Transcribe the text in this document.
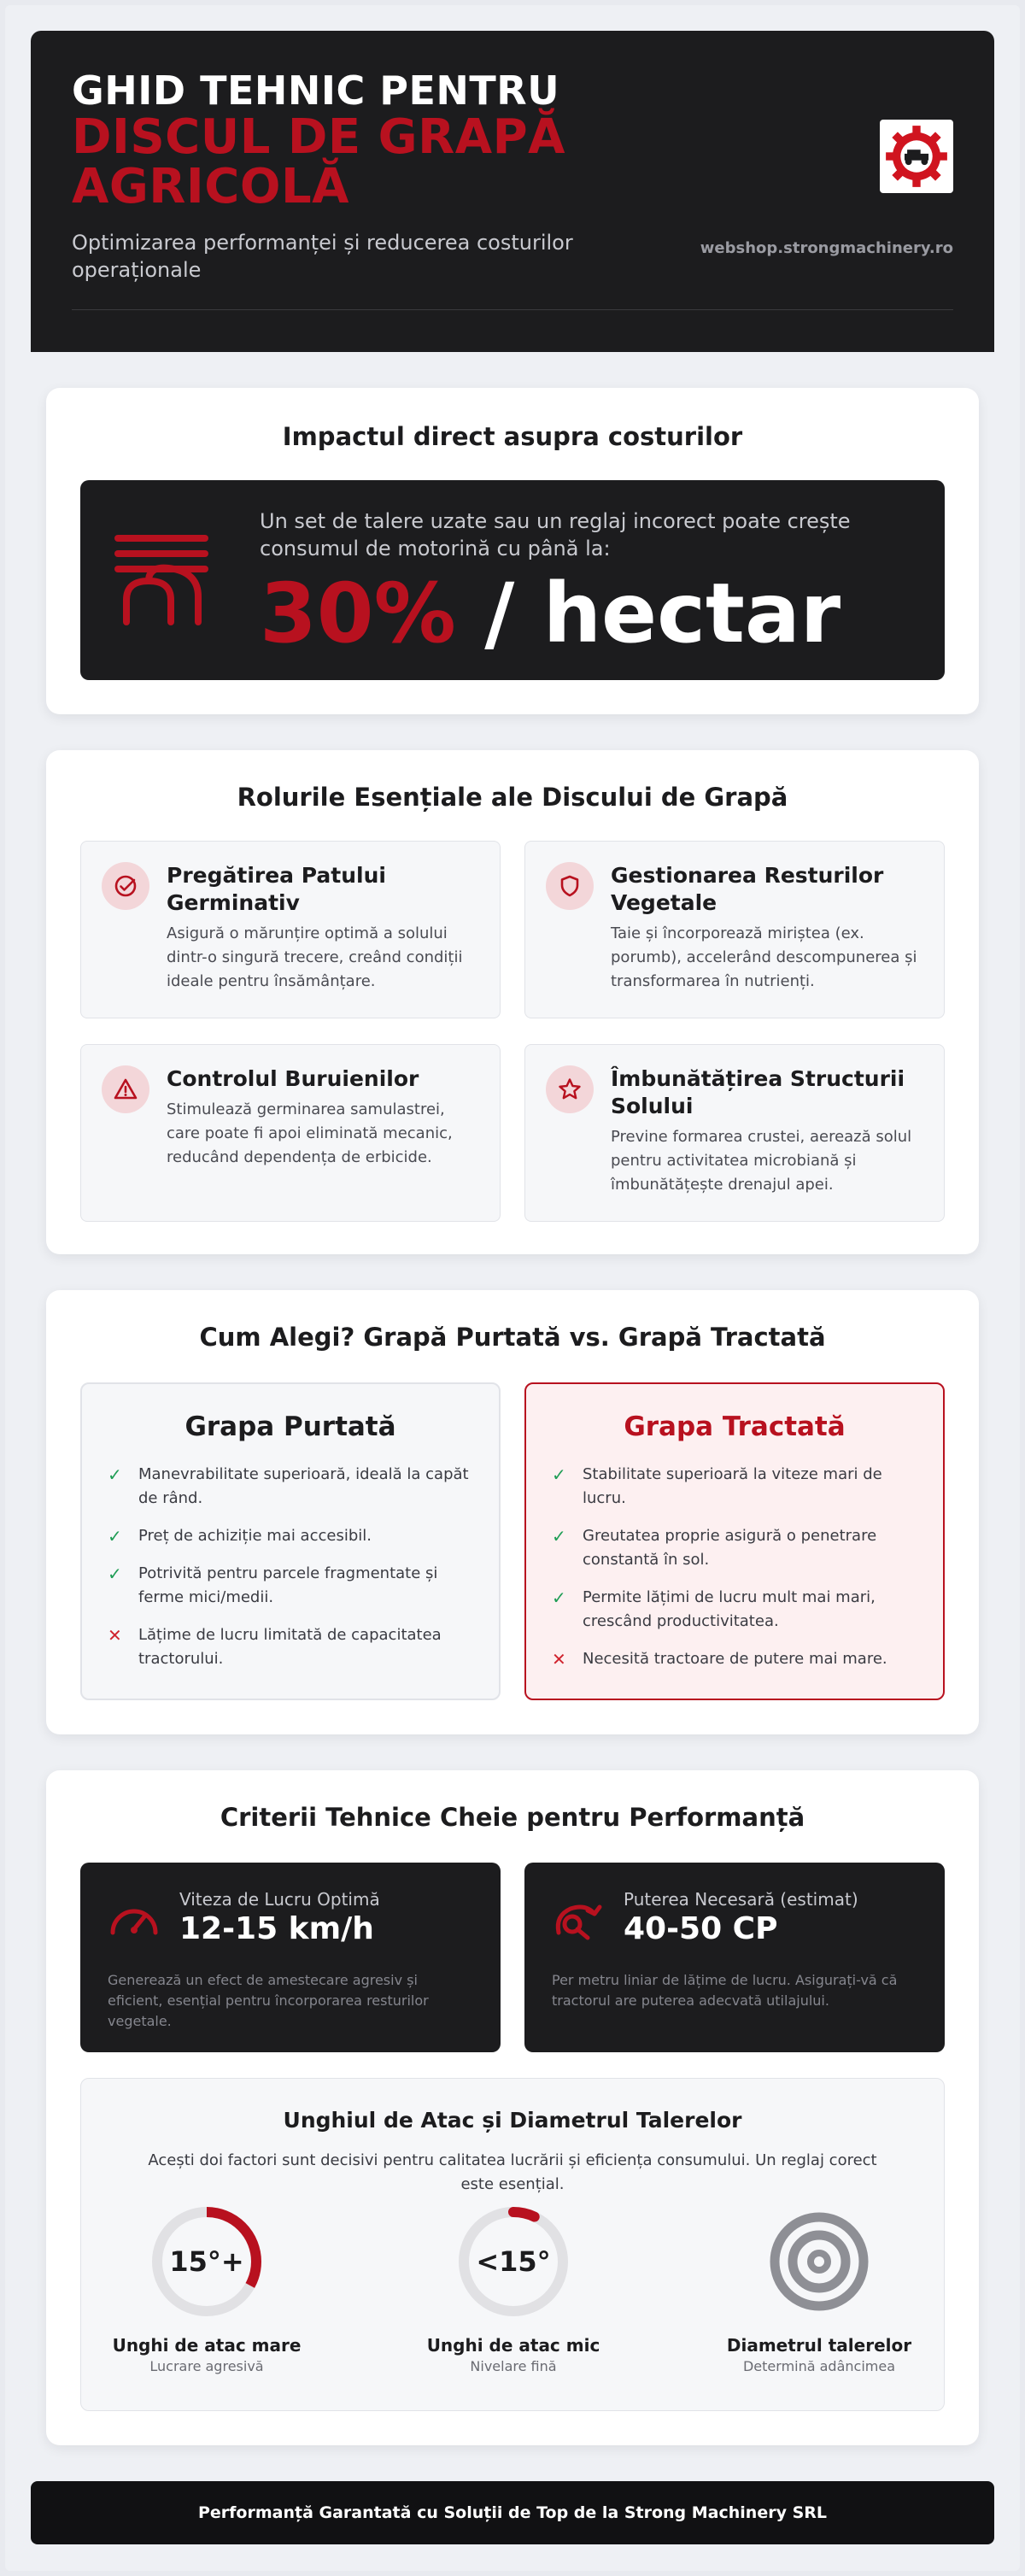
GHID TEHNIC PENTRU
DISCUL DE GRAPĂ AGRICOLĂ

Optimizarea performanței și reducerea costurilor operaționale

webshop.strongmachinery.ro
Impactul direct asupra costurilor

Un set de talere uzate sau un reglaj incorect poate crește consumul de motorină cu până la:

30% / hectar
Rolurile Esențiale ale Discului de Grapă
Pregătirea Patului Germinativ
Asigură o mărunțire optimă a solului dintr-o singură trecere, creând condiții ideale pentru însămânțare.
Gestionarea Resturilor Vegetale
Taie și încorporează miriștea (ex. porumb), accelerând descompunerea și transformarea în nutrienți.
Controlul Buruienilor
Stimulează germinarea samulastrei, care poate fi apoi eliminată mecanic, reducând dependența de erbicide.
Îmbunătățirea Structurii Solului
Previne formarea crustei, aerează solul pentru activitatea microbiană și îmbunătățește drenajul apei.
Cum Alegi? Grapă Purtată vs. Grapă Tractată
Grapa Purtată
✓ Manevrabilitate superioară, ideală la capăt de rând.
✓ Preț de achiziție mai accesibil.
✓ Potrivită pentru parcele fragmentate și ferme mici/medii.
✕ Lățime de lucru limitată de capacitatea tractorului.
Grapa Tractată
✓ Stabilitate superioară la viteze mari de lucru.
✓ Greutatea proprie asigură o penetrare constantă în sol.
✓ Permite lățimi de lucru mult mai mari, crescând productivitatea.
✕ Necesită tractoare de putere mai mare.
Criterii Tehnice Cheie pentru Performanță
Viteza de Lucru Optimă
12-15 km/h
Generează un efect de amestecare agresiv și eficient, esențial pentru încorporarea resturilor vegetale.
Puterea Necesară (estimat)
40-50 CP
Per metru liniar de lățime de lucru. Asigurați-vă că tractorul are puterea adecvată utilajului.
Unghiul de Atac și Diametrul Talerelor

Acești doi factori sunt decisivi pentru calitatea lucrării și eficiența consumului. Un reglaj corect este esențial.

15°+
Unghi de atac mare
Lucrare agresivă
<15°
Unghi de atac mic
Nivelare fină
Diametrul talerelor
Determină adâncimea
Performanță Garantată cu Soluții de Top de la Strong Machinery SRL
